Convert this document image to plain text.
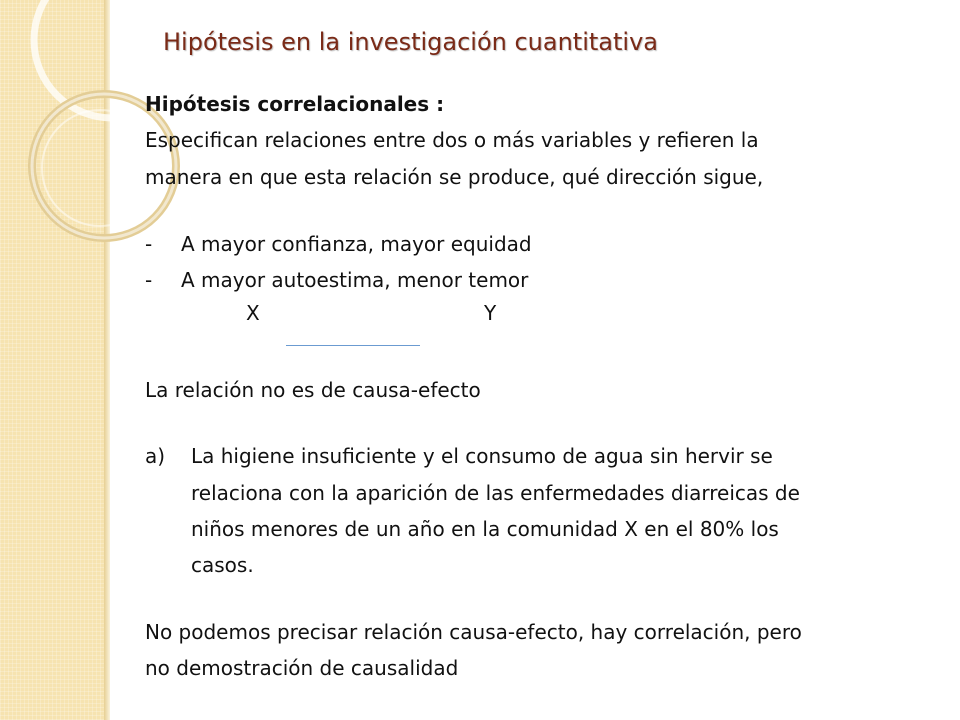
Hipótesis en la investigación cuantitativa
Hipótesis correlacionales :
Especifican relaciones entre dos o más variables y refieren la
manera en que esta relación se produce, qué dirección sigue,
- A mayor confianza, mayor equidad
- A mayor autoestima, menor temor
X	Y
La relación no es de causa-efecto
a) La higiene insuficiente y el consumo de agua sin hervir se
relaciona con la aparición de las enfermedades diarreicas de
niños menores de un año en la comunidad X en el 80% los
casos.
No podemos precisar relación causa-efecto, hay correlación, pero
no demostración de causalidad
